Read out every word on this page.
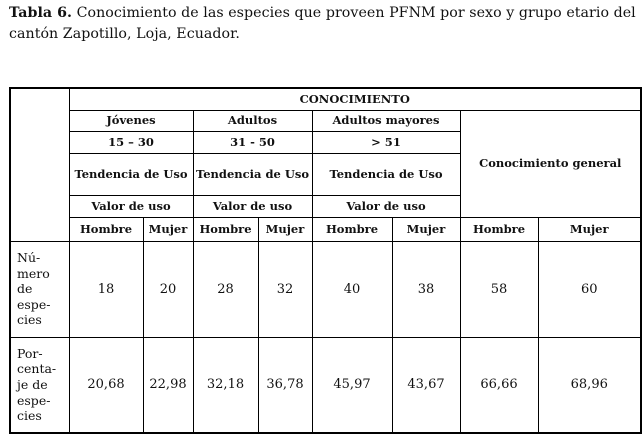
Tabla 6. Conocimiento de las especies que proveen PFNM por sexo y grupo etario del
cantón Zapotillo, Loja, Ecuador.
	CONOCIMIENTO							
	Jóvenes		Adultos		Adultos mayores		Conocimiento general	
	15 – 30		31 - 50		> 51			
	Tendencia de Uso		Tendencia de Uso		Tendencia de Uso			
	Valor de uso		Valor de uso		Valor de uso			
	Hombre	Mujer	Hombre	Mujer	Hombre	Mujer	Hombre	Mujer

Nú-
mero
de
espe-
cies	18	20	28	32	40	38	58	60

Por-
centa-
je de
espe-
cies	20,68	22,98	32,18	36,78	45,97	43,67	66,66	68,96
